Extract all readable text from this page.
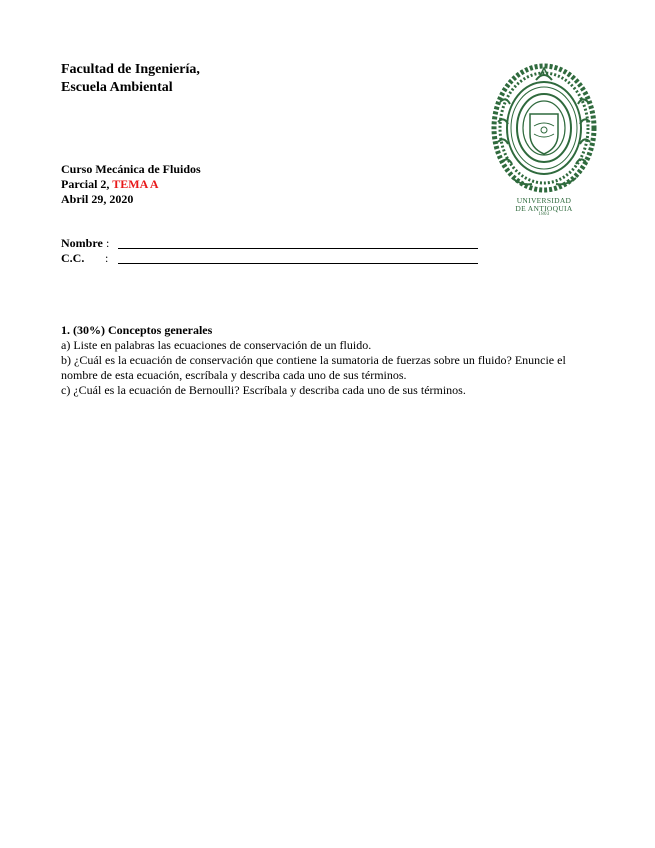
Facultad de Ingeniería,
Escuela Ambiental
UNIVERSIDAD
DE ANTIOQUIA
1803
Curso Mecánica de Fluidos
Parcial 2, TEMA A
Abril 29, 2020
Nombre :
C.C. :
1. (30%) Conceptos generales

a) Liste en palabras las ecuaciones de conservación de un fluido.

b) ¿Cuál es la ecuación de conservación que contiene la sumatoria de fuerzas sobre un fluido? Enuncie el nombre de esta ecuación, escríbala y describa cada uno de sus términos.

c) ¿Cuál es la ecuación de Bernoulli? Escríbala y describa cada uno de sus términos.
